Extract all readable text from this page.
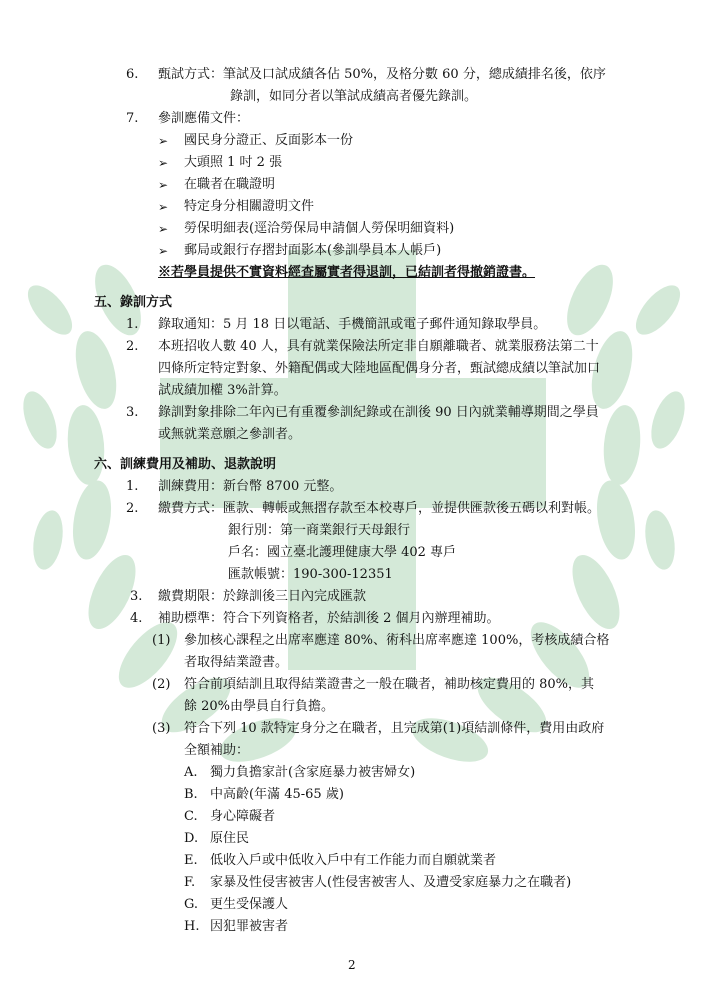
6. 甄試方式：筆試及口試成績各佔 50%，及格分數 60 分，總成績排名後，依序
錄訓，如同分者以筆試成績高者優先錄訓。
7. 參訓應備文件：
➢ 國民身分證正、反面影本一份
➢ 大頭照 1 吋 2 張
➢ 在職者在職證明
➢ 特定身分相關證明文件
➢ 勞保明細表(逕洽勞保局申請個人勞保明細資料)
➢ 郵局或銀行存摺封面影本(參訓學員本人帳戶)
※若學員提供不實資料經查屬實者得退訓，已結訓者得撤銷證書。
五、錄訓方式
1. 錄取通知：5 月 18 日以電話、手機簡訊或電子郵件通知錄取學員。
2. 本班招收人數 40 人，具有就業保險法所定非自願離職者、就業服務法第二十
四條所定特定對象、外籍配偶或大陸地區配偶身分者，甄試總成績以筆試加口
試成績加權 3%計算。
3. 錄訓對象排除二年內已有重覆參訓紀錄或在訓後 90 日內就業輔導期間之學員
或無就業意願之參訓者。
六、訓練費用及補助、退款說明
1. 訓練費用：新台幣 8700 元整。
2. 繳費方式：匯款、轉帳或無摺存款至本校專戶，並提供匯款後五碼以利對帳。
銀行別：第一商業銀行天母銀行
戶名：國立臺北護理健康大學 402 專戶
匯款帳號：190-300-12351
3. 繳費期限：於錄訓後三日內完成匯款
4. 補助標準：符合下列資格者，於結訓後 2 個月內辦理補助。
(1) 參加核心課程之出席率應達 80%、術科出席率應達 100%，考核成績合格
者取得結業證書。
(2) 符合前項結訓且取得結業證書之一般在職者，補助核定費用的 80%，其
餘 20%由學員自行負擔。
(3) 符合下列 10 款特定身分之在職者，且完成第(1)項結訓條件，費用由政府
全額補助：
A. 獨力負擔家計(含家庭暴力被害婦女)
B. 中高齡(年滿 45-65 歲)
C. 身心障礙者
D. 原住民
E. 低收入戶或中低收入戶中有工作能力而自願就業者
F. 家暴及性侵害被害人(性侵害被害人、及遭受家庭暴力之在職者)
G. 更生受保護人
H. 因犯罪被害者
2
